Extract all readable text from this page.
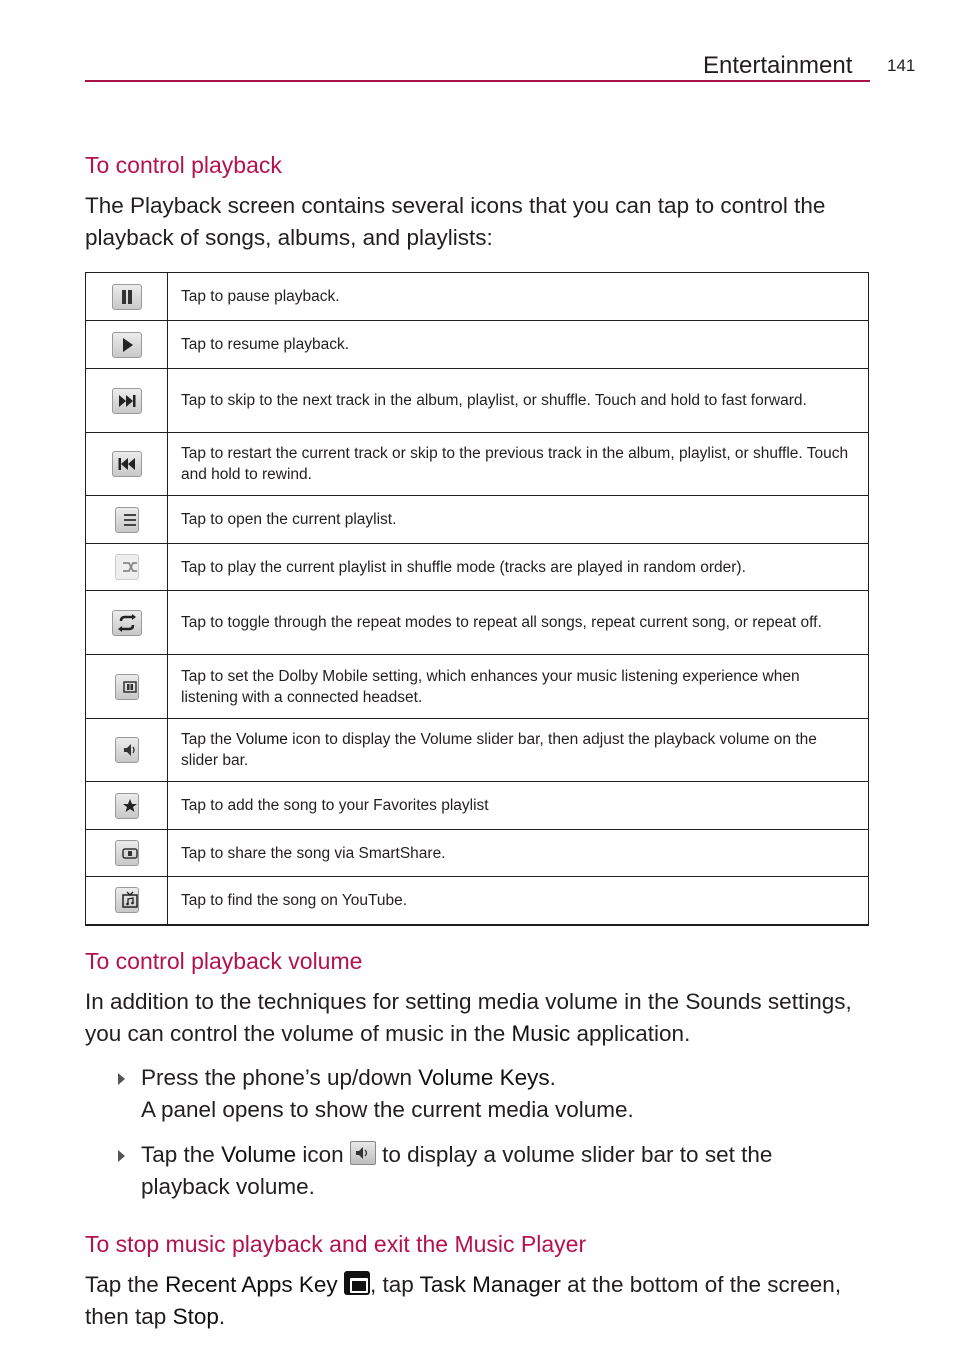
Entertainment 141
To control playback
The Playback screen contains several icons that you can tap to control the playback of songs, albums, and playlists:
	Tap to pause playback.

	Tap to resume playback.

	Tap to skip to the next track in the album, playlist, or shuffle. Touch and hold to fast forward.

	Tap to restart the current track or skip to the previous track in the album, playlist, or shuffle. Touch and hold to rewind.

	Tap to open the current playlist.

	Tap to play the current playlist in shuffle mode (tracks are played in random order).

	Tap to toggle through the repeat modes to repeat all songs, repeat current song, or repeat off.

	Tap to set the Dolby Mobile setting, which enhances your music listening experience when listening with a connected headset.

	Tap the Volume icon to display the Volume slider bar, then adjust the playback volume on the slider bar.

	Tap to add the song to your Favorites playlist

	Tap to share the song via SmartShare.

	Tap to find the song on YouTube.
To control playback volume
In addition to the techniques for setting media volume in the Sounds settings, you can control the volume of music in the Music application.
Press the phone’s up/down Volume Keys.
A panel opens to show the current media volume.
Tap the Volume icon
to display a volume slider bar to set the playback volume.
To stop music playback and exit the Music Player
Tap the Recent Apps Key , tap Task Manager at the bottom of the screen, then tap Stop.
